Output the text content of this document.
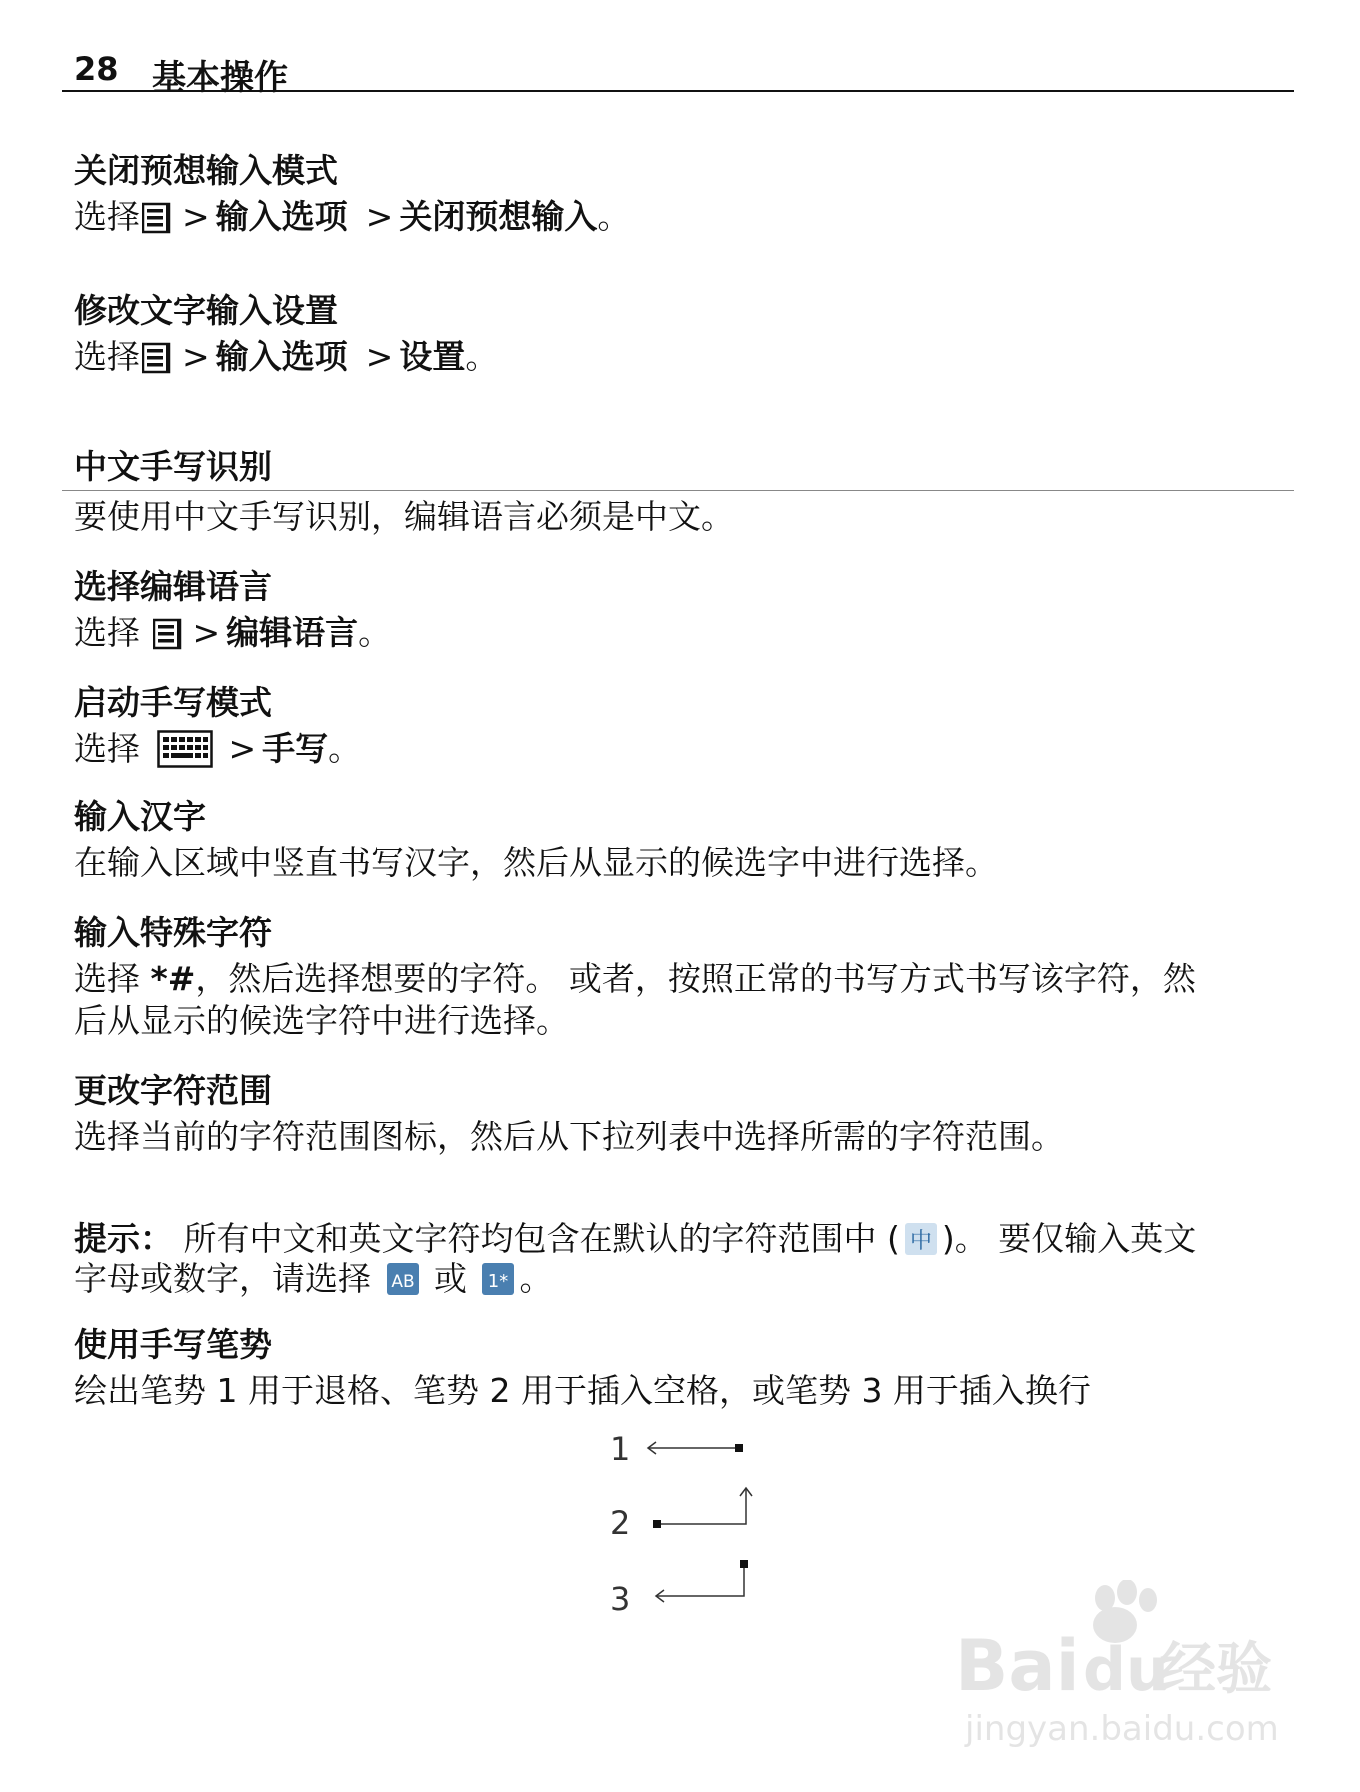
28 基本操作
关闭预想输入模式
选择 > 输入选项 > 关闭预想输入。
修改文字输入设置
选择 > 输入选项 > 设置。
中文手写识别
要使用中文手写识别，编辑语言必须是中文。
选择编辑语言
选择 > 编辑语言。
启动手写模式
选择	> 手写。
输入汉字
在输入区域中竖直书写汉字，然后从显示的候选字中进行选择。
输入特殊字符
选择 *#，然后选择想要的字符。 或者，按照正常的书写方式书写该字符，然
后从显示的候选字符中进行选择。
更改字符范围
选择当前的字符范围图标，然后从下拉列表中选择所需的字符范围。
提示： 所有中文和英文字符均包含在默认的字符范围中 ( 中 )。 要仅输入英文
字母或数字，请选择 AB 或 1* 。
使用手写笔势
绘出笔势 1 用于退格、笔势 2 用于插入空格，或笔势 3 用于插入换行
1
2
3
Bai du
经验
jingyan.baidu.com
